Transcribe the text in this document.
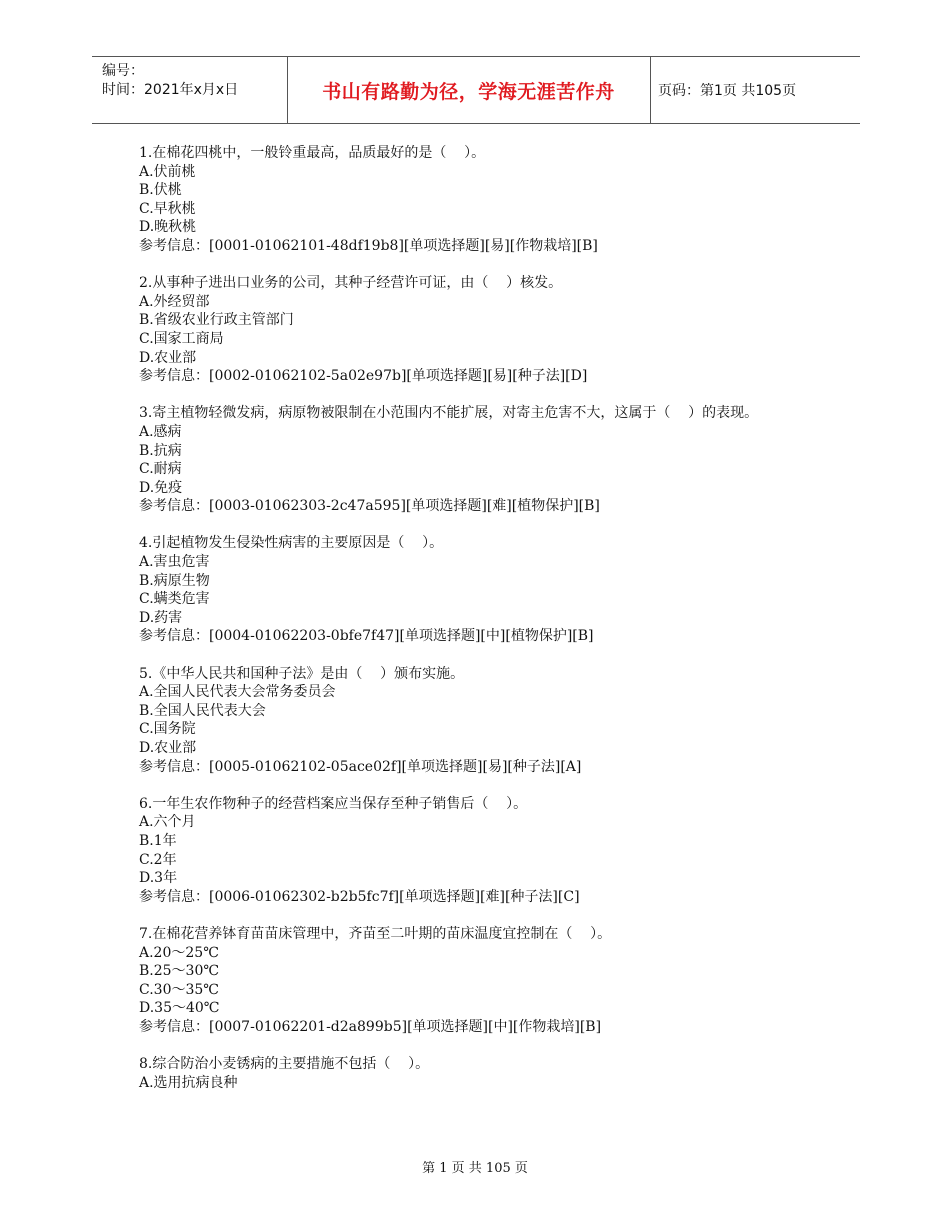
编号：
时间：2021年x月x日	书山有路勤为径，学海无涯苦作舟	页码：第1页 共105页
1.在棉花四桃中，一般铃重最高，品质最好的是（    ）。
A.伏前桃
B.伏桃
C.早秋桃
D.晚秋桃
参考信息：[0001-01062101-48df19b8][单项选择题][易][作物栽培][B]
2.从事种子进出口业务的公司，其种子经营许可证，由（    ）核发。
A.外经贸部
B.省级农业行政主管部门
C.国家工商局
D.农业部
参考信息：[0002-01062102-5a02e97b][单项选择题][易][种子法][D]
3.寄主植物轻微发病，病原物被限制在小范围内不能扩展，对寄主危害不大，这属于（    ）的表现。
A.感病
B.抗病
C.耐病
D.免疫
参考信息：[0003-01062303-2c47a595][单项选择题][难][植物保护][B]
4.引起植物发生侵染性病害的主要原因是（    ）。
A.害虫危害
B.病原生物
C.螨类危害
D.药害
参考信息：[0004-01062203-0bfe7f47][单项选择题][中][植物保护][B]
5.《中华人民共和国种子法》是由（    ）颁布实施。
A.全国人民代表大会常务委员会
B.全国人民代表大会
C.国务院
D.农业部
参考信息：[0005-01062102-05ace02f][单项选择题][易][种子法][A]
6.一年生农作物种子的经营档案应当保存至种子销售后（    ）。
A.六个月
B.1年
C.2年
D.3年
参考信息：[0006-01062302-b2b5fc7f][单项选择题][难][种子法][C]
7.在棉花营养钵育苗苗床管理中，齐苗至二叶期的苗床温度宜控制在（    ）。
A.20～25℃
B.25～30℃
C.30～35℃
D.35～40℃
参考信息：[0007-01062201-d2a899b5][单项选择题][中][作物栽培][B]
8.综合防治小麦锈病的主要措施不包括（    ）。
A.选用抗病良种
第 1 页 共 105 页
